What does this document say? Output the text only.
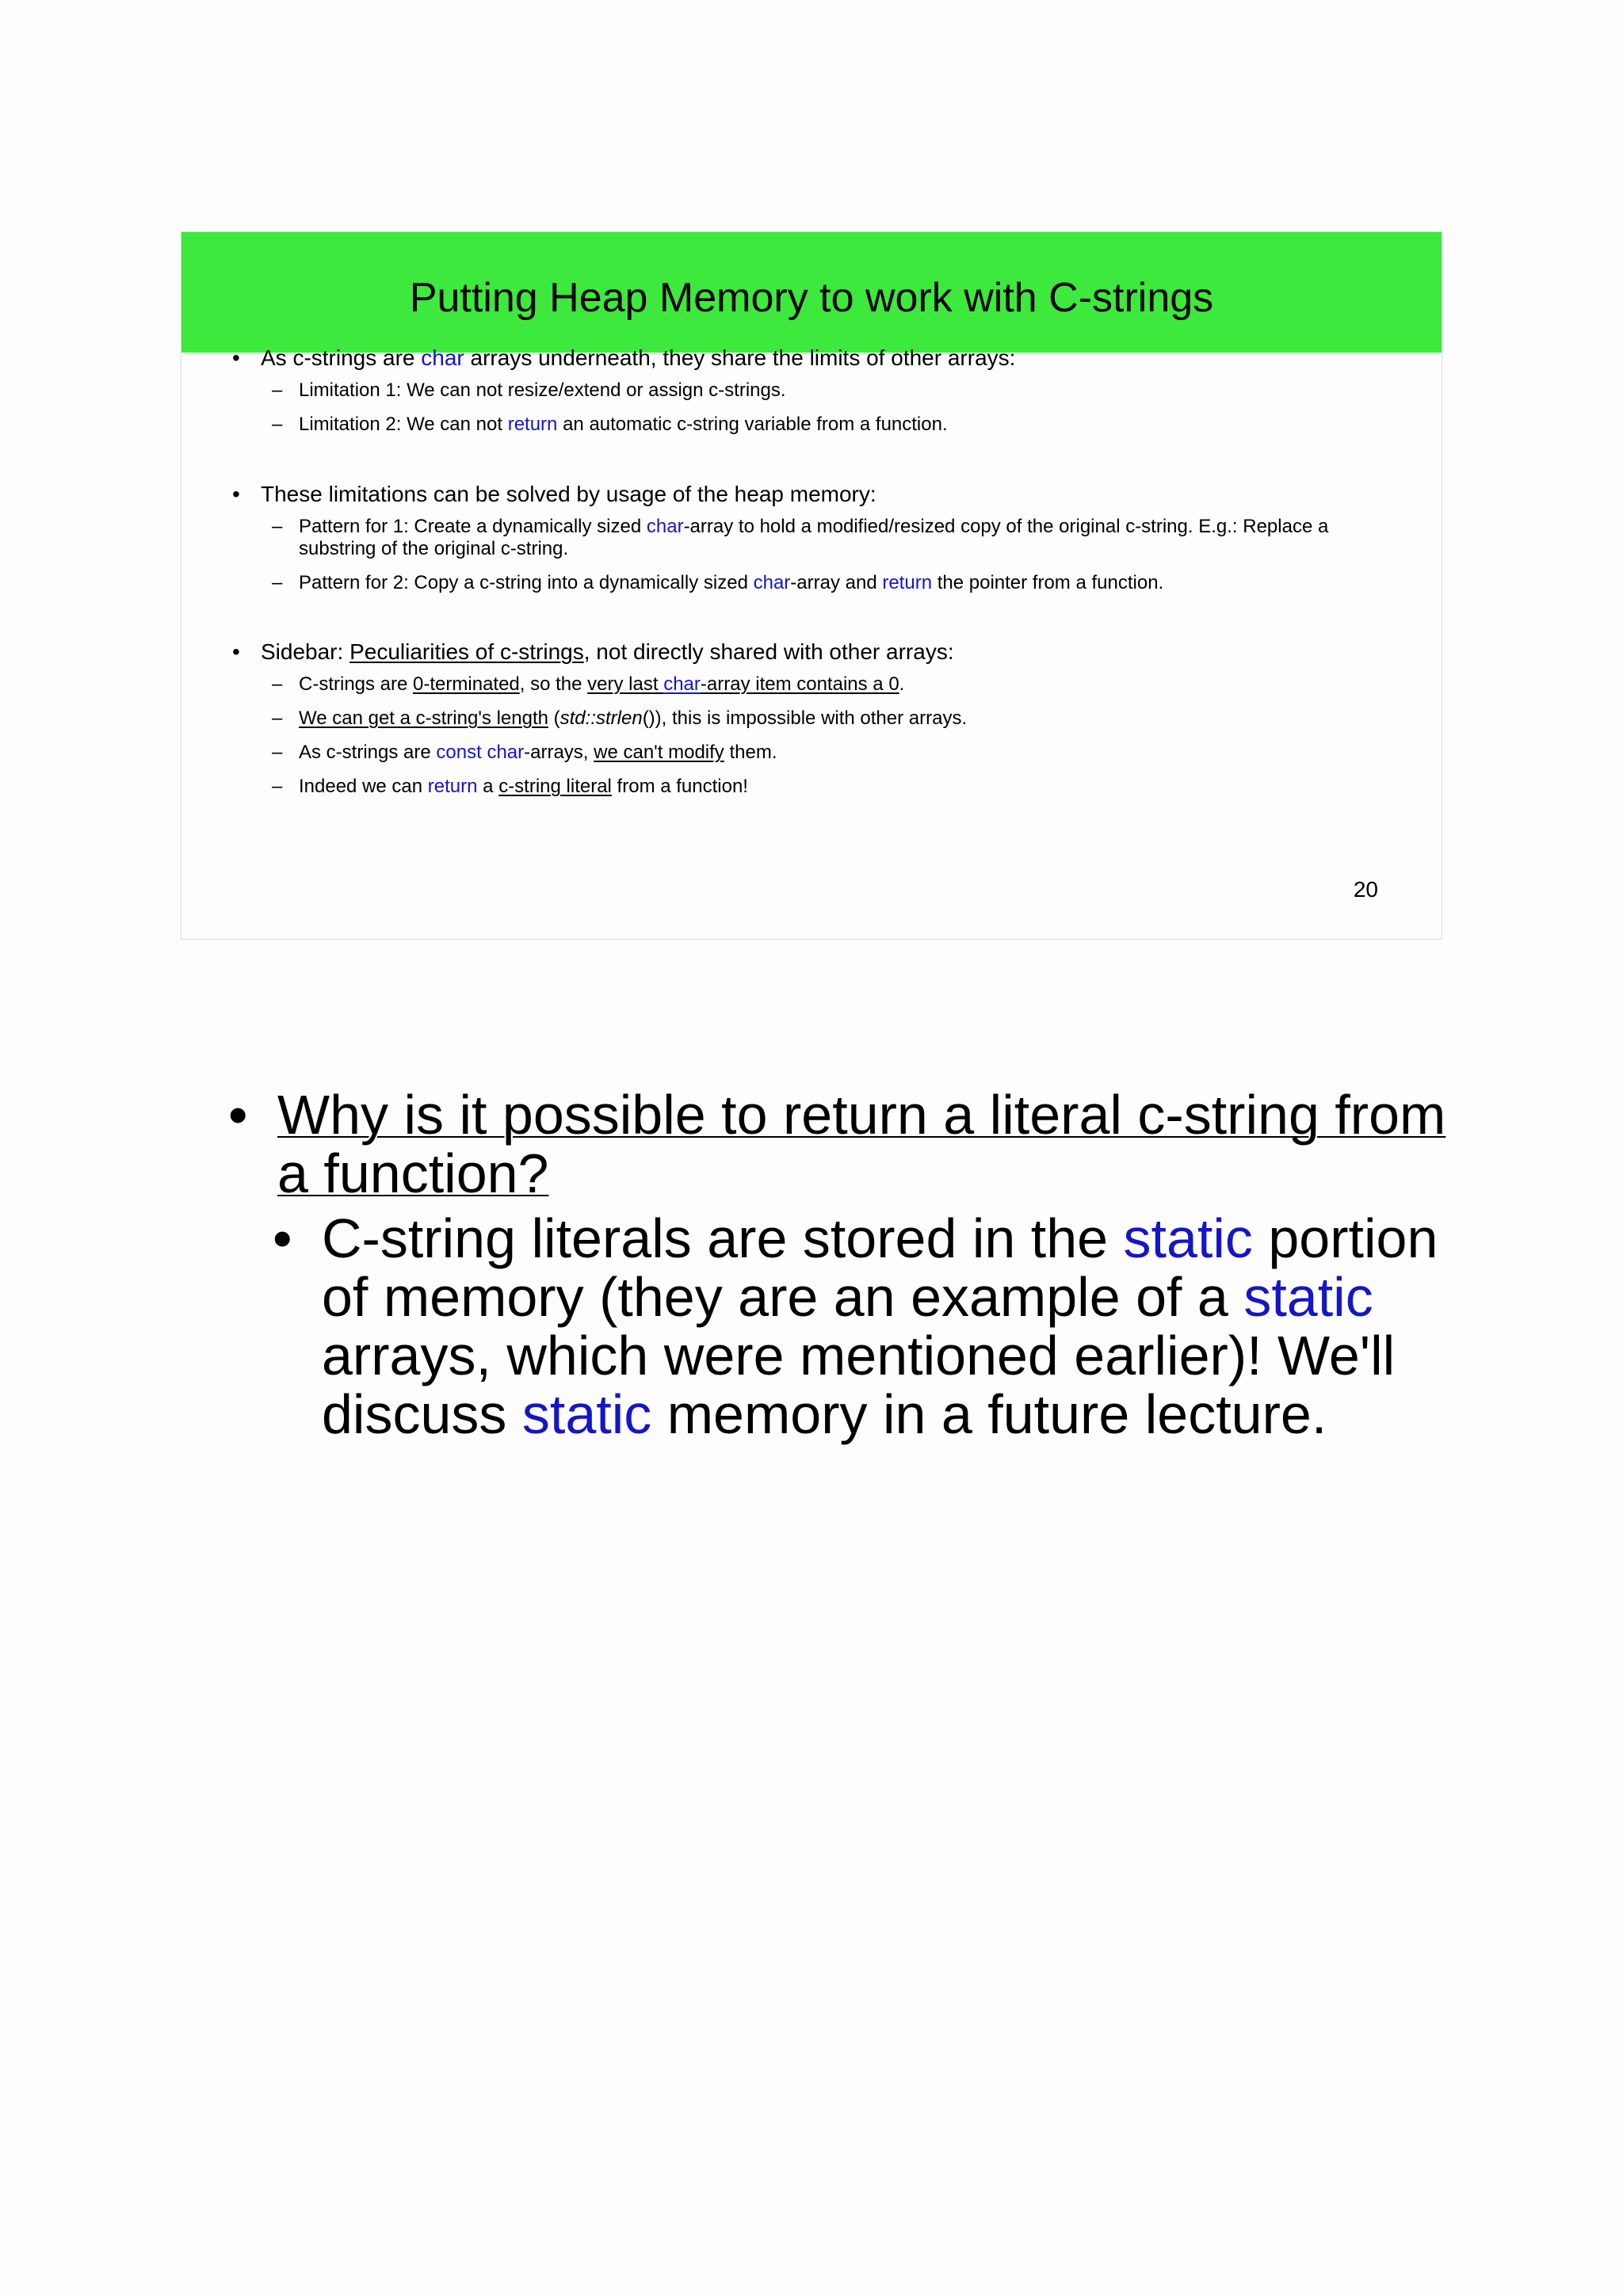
Putting Heap Memory to work with C-strings
• As c-strings are char arrays underneath, they share the limits of other arrays:
– Limitation 1: We can not resize/extend or assign c-strings.
– Limitation 2: We can not return an automatic c-string variable from a function.
• These limitations can be solved by usage of the heap memory:
– Pattern for 1: Create a dynamically sized char-array to hold a modified/resized copy of the original c-string. E.g.: Replace a substring of the original c-string.
– Pattern for 2: Copy a c-string into a dynamically sized char-array and return the pointer from a function.
• Sidebar: Peculiarities of c-strings, not directly shared with other arrays:
– C-strings are 0-terminated, so the very last char-array item contains a 0.
– We can get a c-string's length (std::strlen()), this is impossible with other arrays.
– As c-strings are const char-arrays, we can't modify them.
– Indeed we can return a c-string literal from a function!
20
• Why is it possible to return a literal c-string from a function?
• C-string literals are stored in the static portion of memory (they are an example of a static arrays, which were mentioned earlier)! We'll discuss static memory in a future lecture.
